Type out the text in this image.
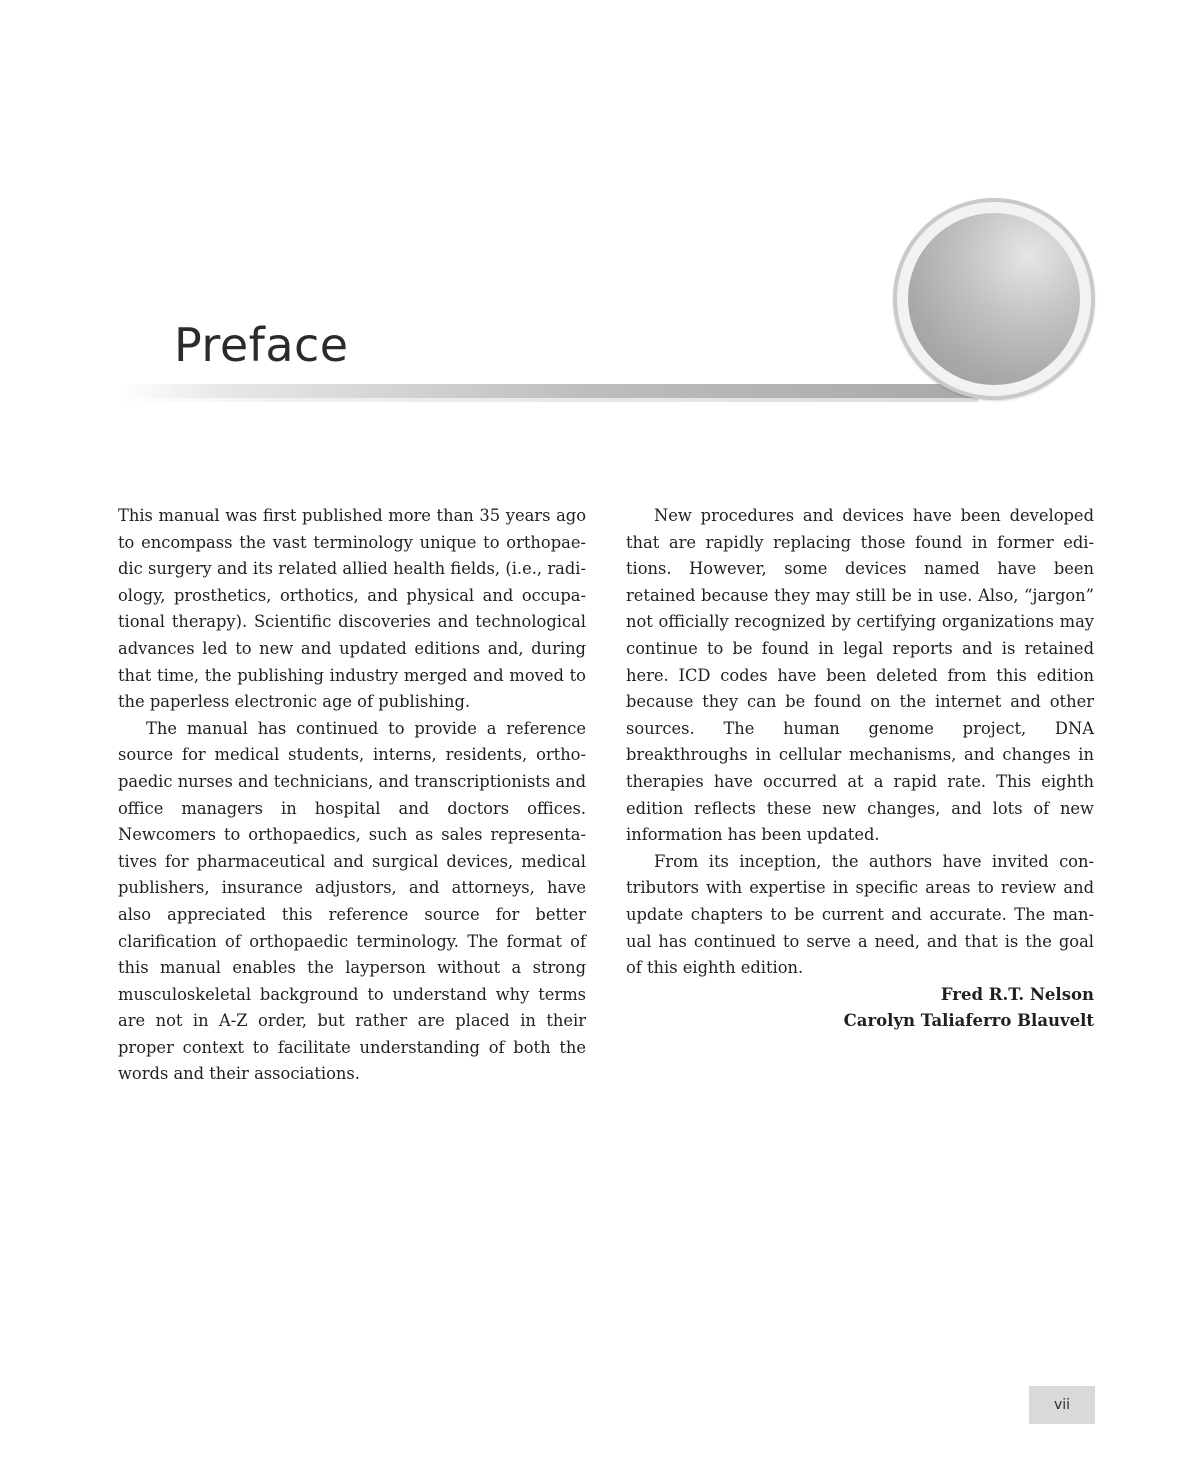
Preface

This manual was first published more than 35 years ago to encompass the vast terminology unique to orthopaedic surgery and its related allied health fields, (i.e., radiology, prosthetics, orthotics, and physical and occupational therapy). Scientific discoveries and technological advances led to new and updated editions and, during that time, the publishing industry merged and moved to the paperless electronic age of publishing.

The manual has continued to provide a reference source for medical students, interns, residents, orthopaedic nurses and technicians, and transcriptionists and office managers in hospital and doctors offices. Newcomers to orthopaedics, such as sales representatives for pharmaceutical and surgical devices, medical publishers, insurance adjustors, and attorneys, have also appreciated this reference source for better clarification of orthopaedic terminology. The format of this manual enables the layperson without a strong musculoskeletal background to understand why terms are not in A-Z order, but rather are placed in their proper context to facilitate understanding of both the words and their associations.

New procedures and devices have been developed that are rapidly replacing those found in former editions. However, some devices named have been retained because they may still be in use. Also, “jargon” not officially recognized by certifying organizations may continue to be found in legal reports and is retained here. ICD codes have been deleted from this edition because they can be found on the internet and other sources. The human genome project, DNA breakthroughs in cellular mechanisms, and changes in therapies have occurred at a rapid rate. This eighth edition reflects these new changes, and lots of new information has been updated.

From its inception, the authors have invited contributors with expertise in specific areas to review and update chapters to be current and accurate. The manual has continued to serve a need, and that is the goal of this eighth edition.

Fred R.T. Nelson

Carolyn Taliaferro Blauvelt

vii
